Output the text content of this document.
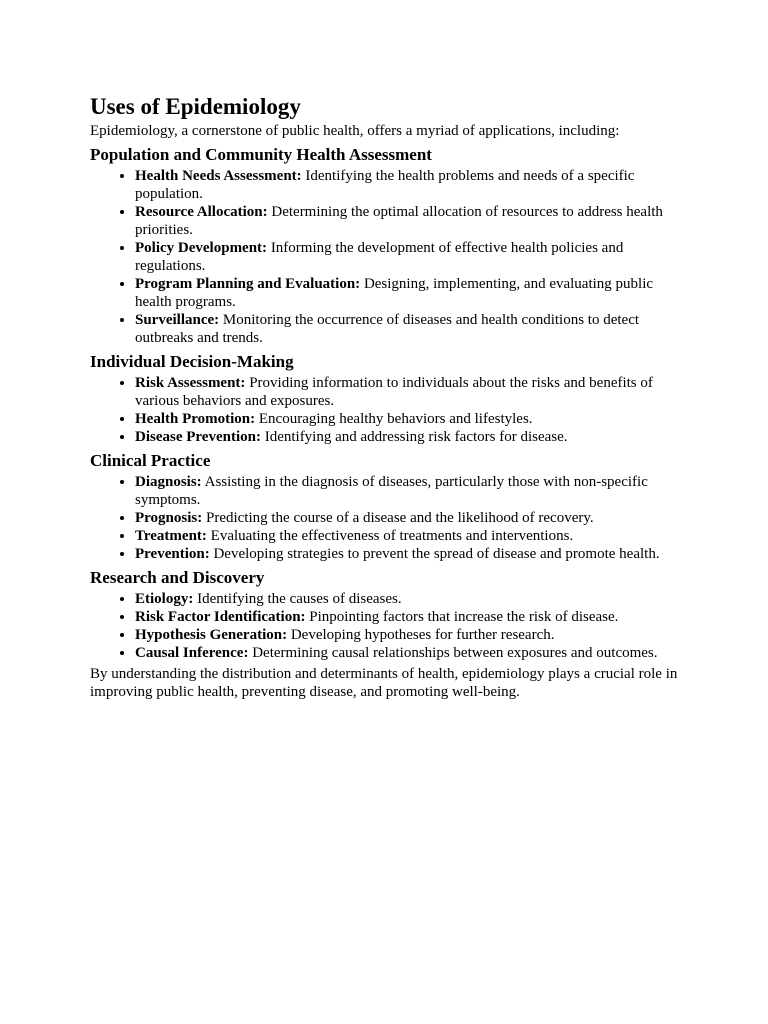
Uses of Epidemiology

Epidemiology, a cornerstone of public health, offers a myriad of applications, including:

Population and Community Health Assessment
• Health Needs Assessment: Identifying the health problems and needs of a specific population.
• Resource Allocation: Determining the optimal allocation of resources to address health priorities.
• Policy Development: Informing the development of effective health policies and regulations.
• Program Planning and Evaluation: Designing, implementing, and evaluating public health programs.
• Surveillance: Monitoring the occurrence of diseases and health conditions to detect outbreaks and trends.
Individual Decision-Making
• Risk Assessment: Providing information to individuals about the risks and benefits of various behaviors and exposures.
• Health Promotion: Encouraging healthy behaviors and lifestyles.
• Disease Prevention: Identifying and addressing risk factors for disease.
Clinical Practice
• Diagnosis: Assisting in the diagnosis of diseases, particularly those with non-specific symptoms.
• Prognosis: Predicting the course of a disease and the likelihood of recovery.
• Treatment: Evaluating the effectiveness of treatments and interventions.
• Prevention: Developing strategies to prevent the spread of disease and promote health.
Research and Discovery
• Etiology: Identifying the causes of diseases.
• Risk Factor Identification: Pinpointing factors that increase the risk of disease.
• Hypothesis Generation: Developing hypotheses for further research.
• Causal Inference: Determining causal relationships between exposures and outcomes.

By understanding the distribution and determinants of health, epidemiology plays a crucial role in improving public health, preventing disease, and promoting well-being.
